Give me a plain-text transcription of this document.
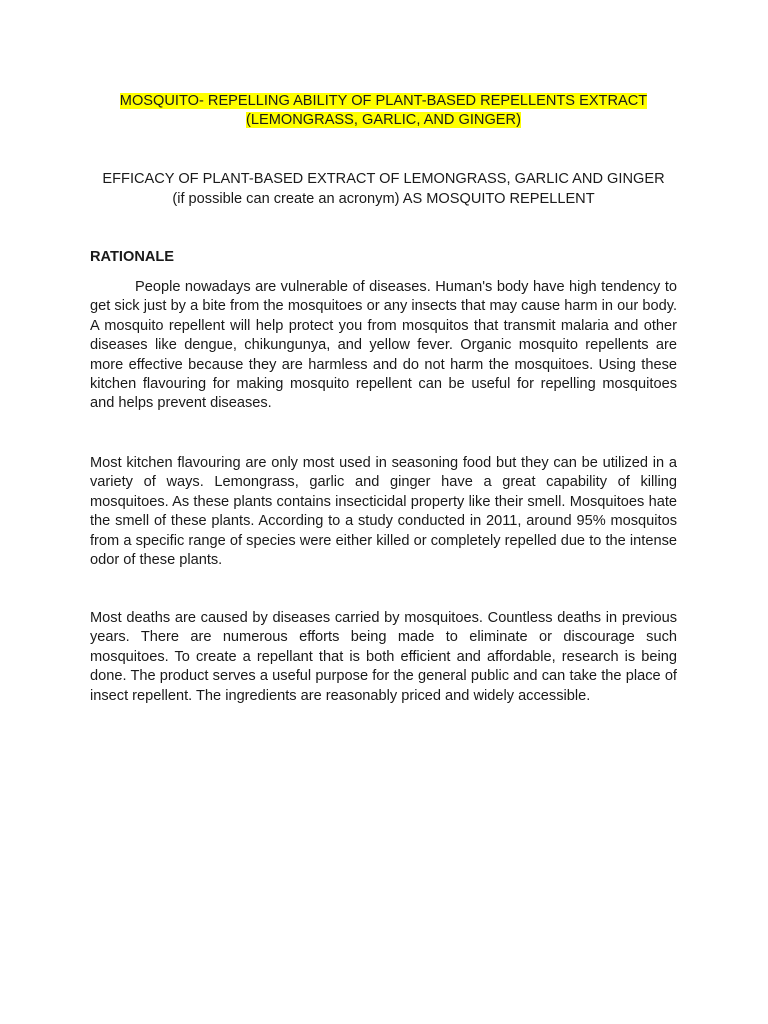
MOSQUITO- REPELLING ABILITY OF PLANT-BASED REPELLENTS EXTRACT
(LEMONGRASS, GARLIC, AND GINGER)
EFFICACY OF PLANT-BASED EXTRACT OF LEMONGRASS, GARLIC AND GINGER
(if possible can create an acronym) AS MOSQUITO REPELLENT
RATIONALE
People nowadays are vulnerable of diseases. Human's body have high tendency to get sick just by a bite from the mosquitoes or any insects that may cause harm in our body. A mosquito repellent will help protect you from mosquitos that transmit malaria and other diseases like dengue, chikungunya, and yellow fever. Organic mosquito repellents are more effective because they are harmless and do not harm the mosquitoes. Using these kitchen flavouring for making mosquito repellent can be useful for repelling mosquitoes and helps prevent diseases.
Most kitchen flavouring are only most used in seasoning food but they can be utilized in a variety of ways. Lemongrass, garlic and ginger have a great capability of killing mosquitoes. As these plants contains insecticidal property like their smell. Mosquitoes hate the smell of these plants. According to a study conducted in 2011, around 95% mosquitos from a specific range of species were either killed or completely repelled due to the intense odor of these plants.
Most deaths are caused by diseases carried by mosquitoes. Countless deaths in previous years. There are numerous efforts being made to eliminate or discourage such mosquitoes. To create a repellant that is both efficient and affordable, research is being done. The product serves a useful purpose for the general public and can take the place of insect repellent. The ingredients are reasonably priced and widely accessible.
